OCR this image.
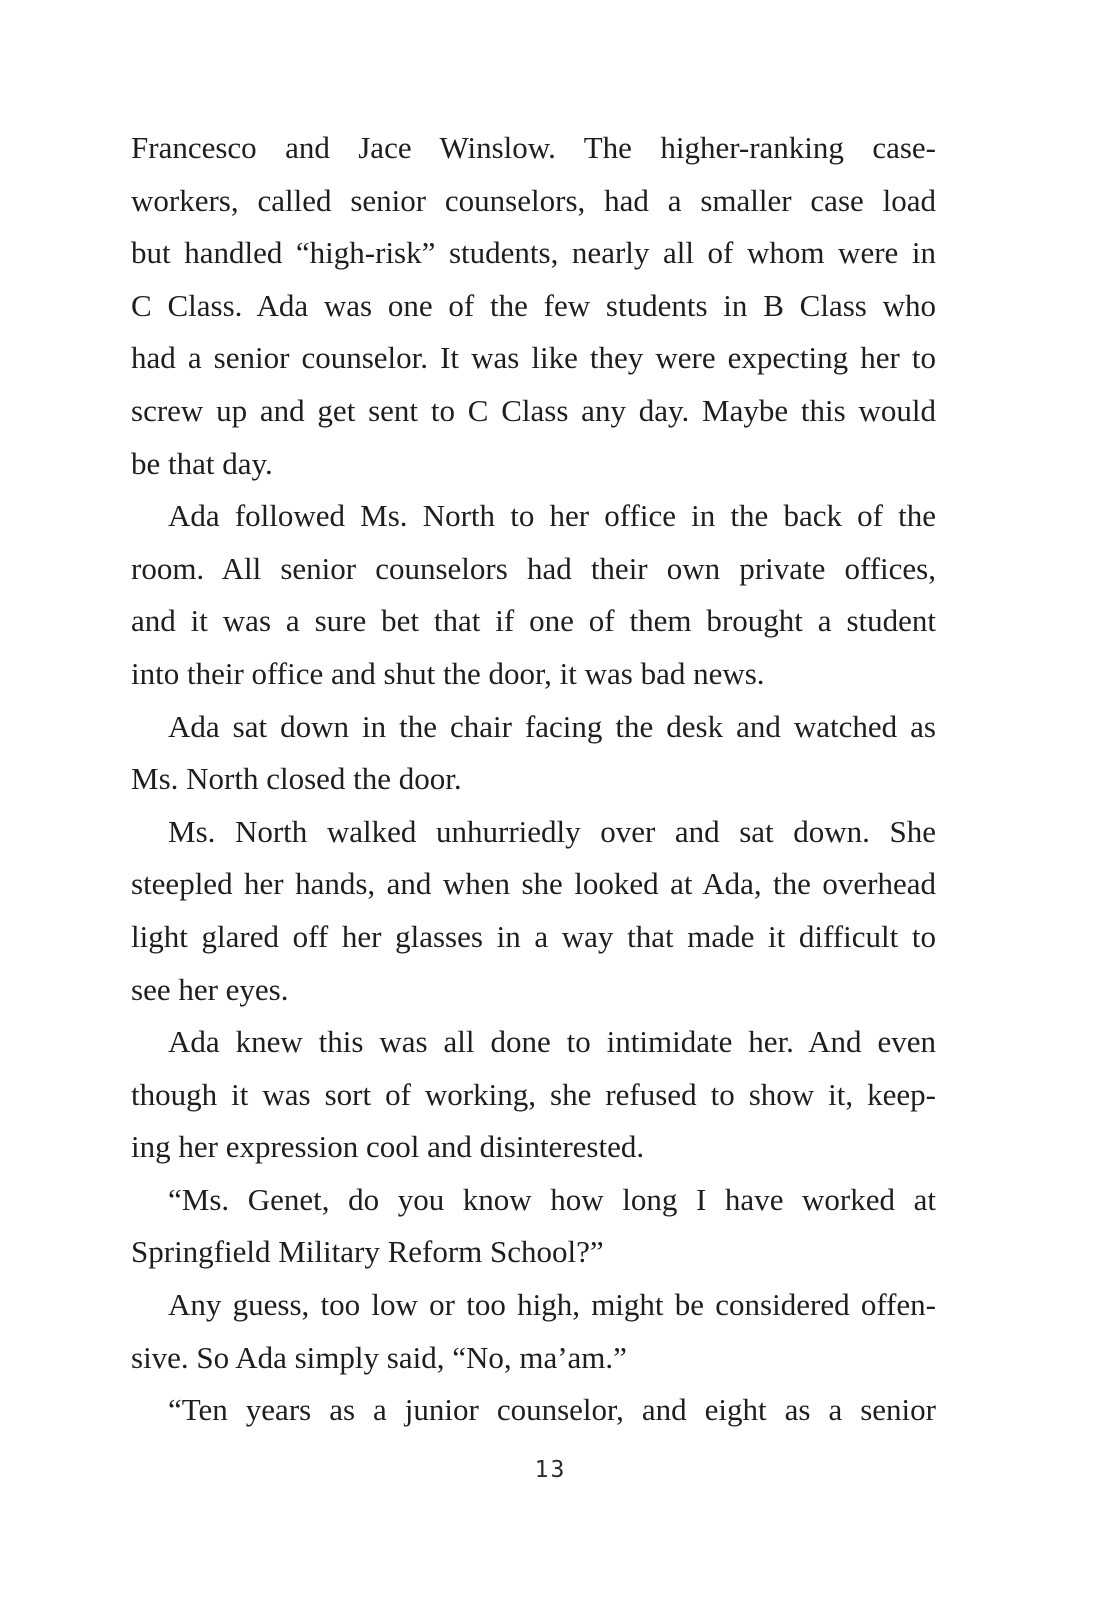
Francesco and Jace Winslow. The higher-ranking case-
workers, called senior counselors, had a smaller case load
but handled “high-risk” students, nearly all of whom were in
C Class. Ada was one of the few students in B Class who
had a senior counselor. It was like they were expecting her to
screw up and get sent to C Class any day. Maybe this would
be that day.

Ada followed Ms. North to her office in the back of the
room. All senior counselors had their own private offices,
and it was a sure bet that if one of them brought a student
into their office and shut the door, it was bad news.

Ada sat down in the chair facing the desk and watched as
Ms. North closed the door.

Ms. North walked unhurriedly over and sat down. She
steepled her hands, and when she looked at Ada, the overhead
light glared off her glasses in a way that made it difficult to
see her eyes.

Ada knew this was all done to intimidate her. And even
though it was sort of working, she refused to show it, keep-
ing her expression cool and disinterested.

“Ms. Genet, do you know how long I have worked at
Springfield Military Reform School?”

Any guess, too low or too high, might be considered offen-
sive. So Ada simply said, “No, ma’am.”

“Ten years as a junior counselor, and eight as a senior

13
